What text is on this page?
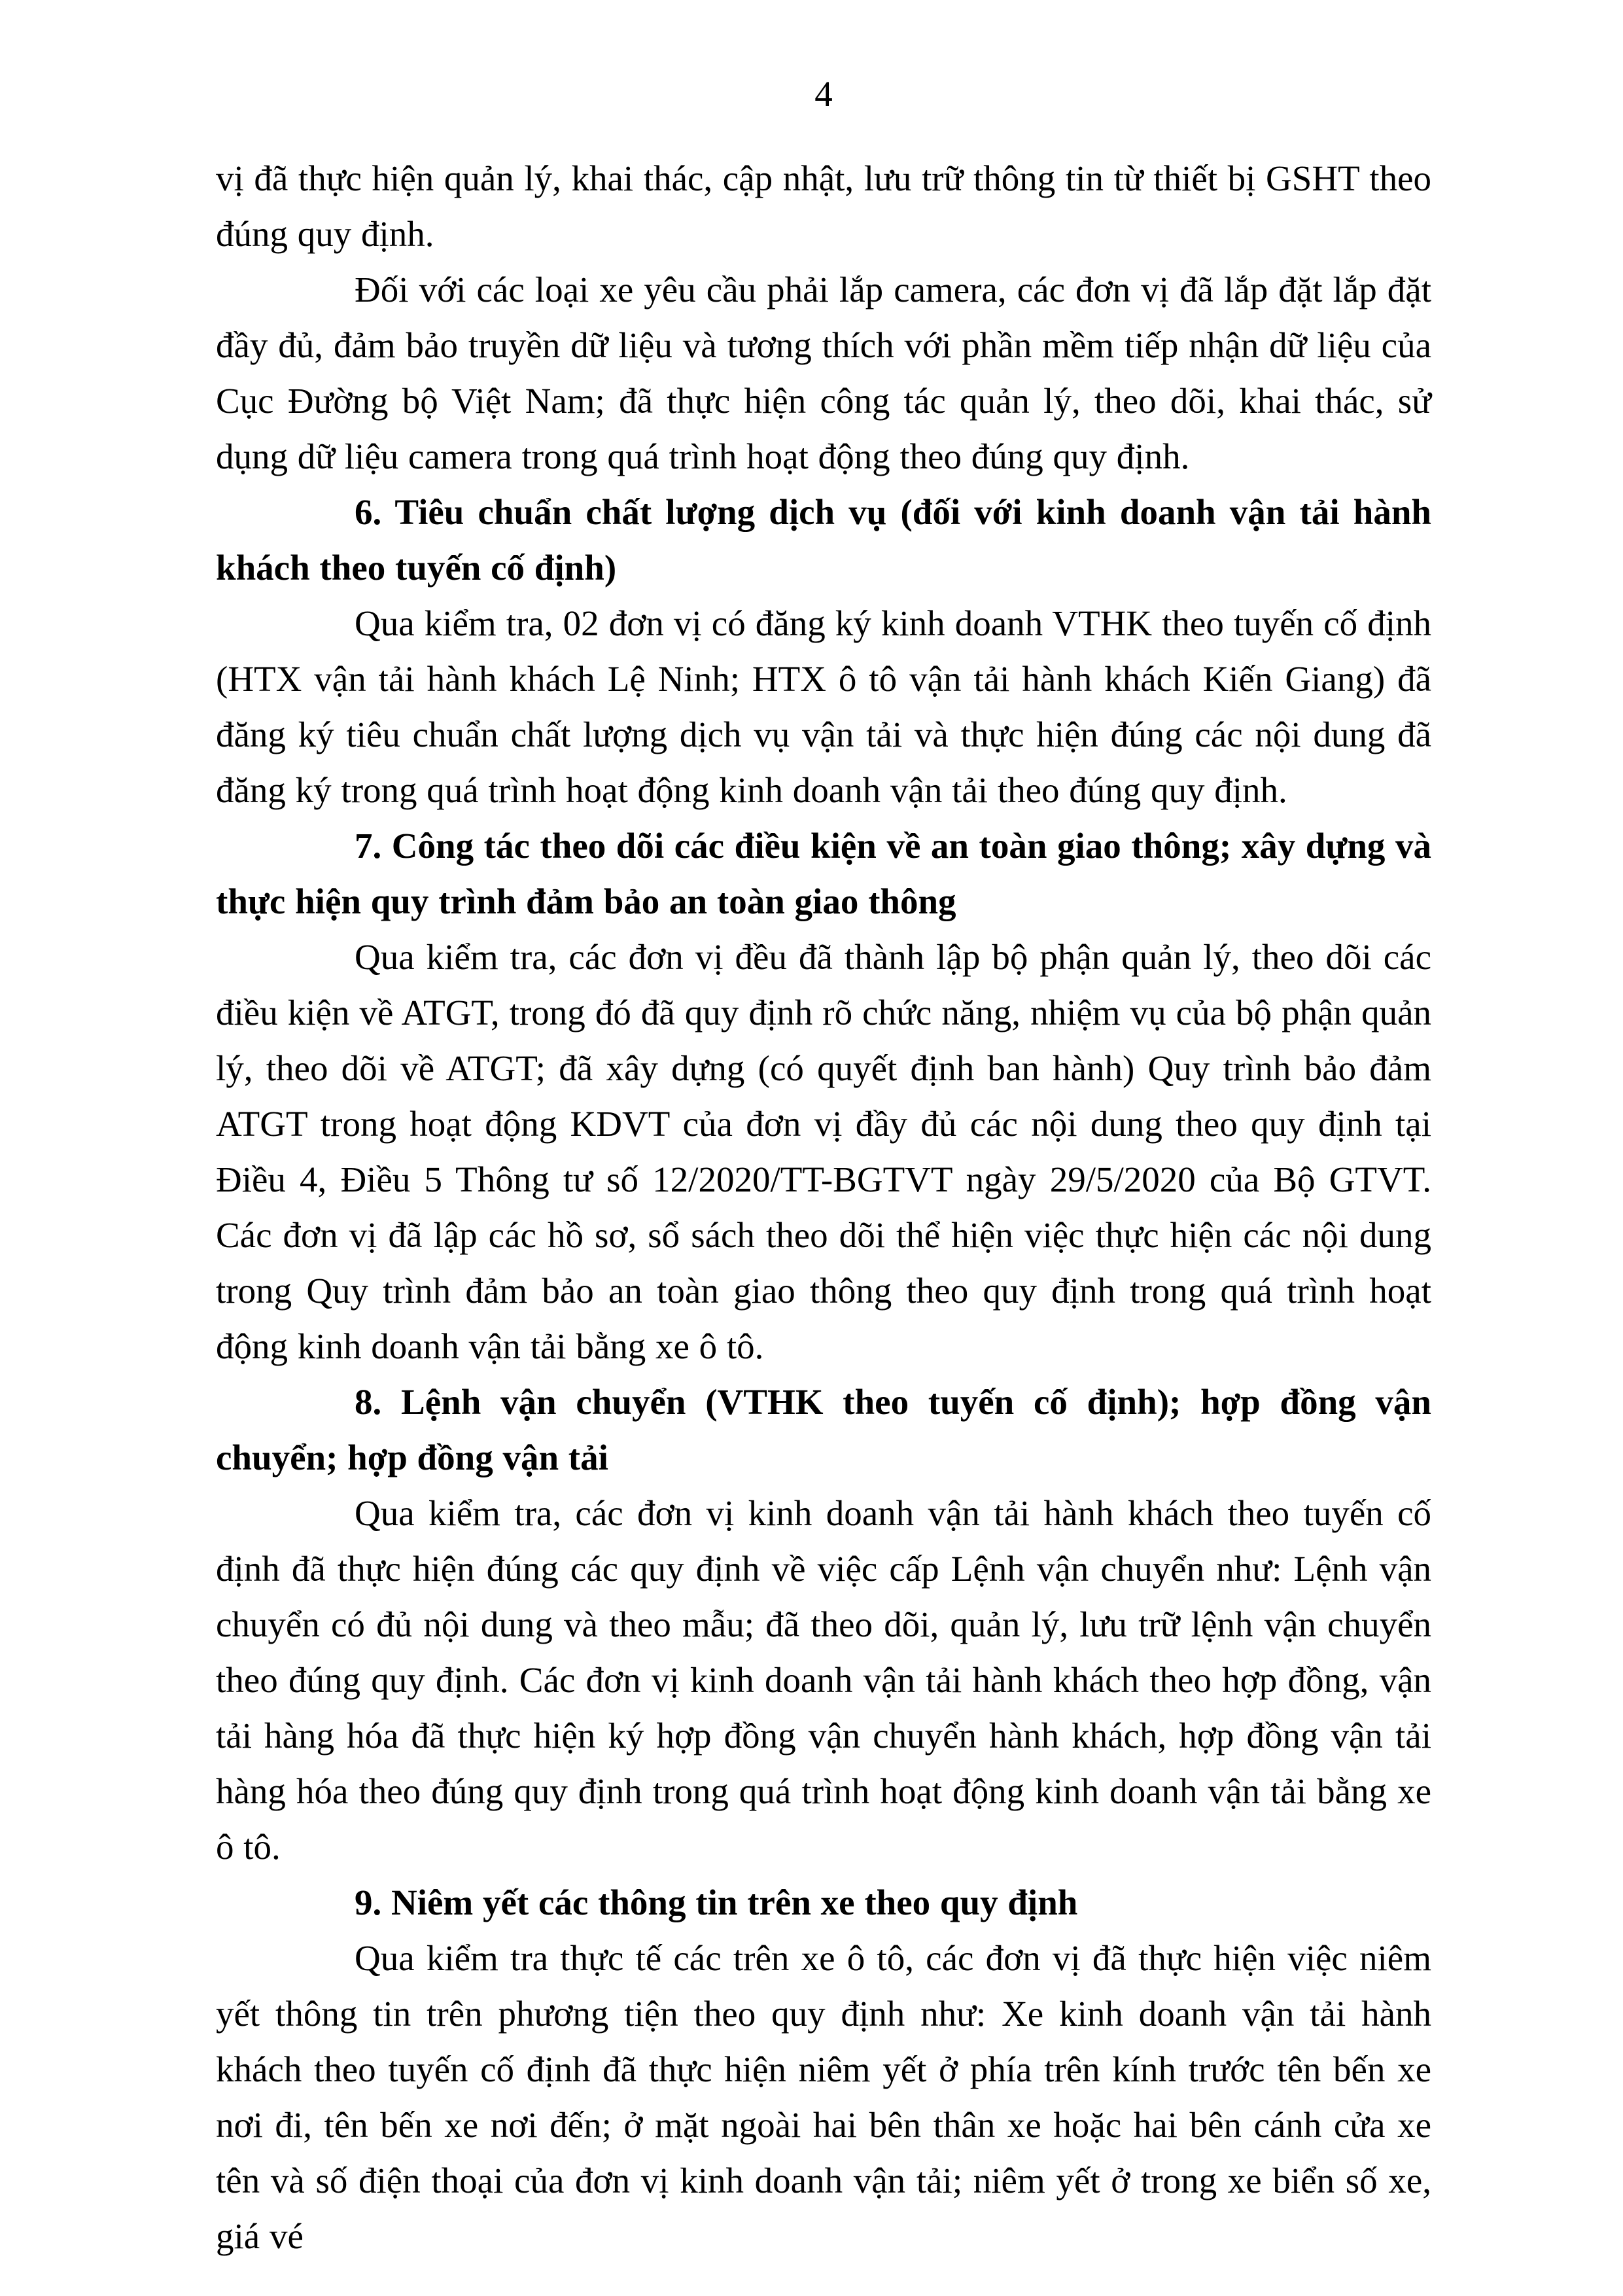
4

vị đã thực hiện quản lý, khai thác, cập nhật, lưu trữ thông tin từ thiết bị GSHT theo đúng quy định.

Đối với các loại xe yêu cầu phải lắp camera, các đơn vị đã lắp đặt lắp đặt đầy đủ, đảm bảo truyền dữ liệu và tương thích với phần mềm tiếp nhận dữ liệu của Cục Đường bộ Việt Nam; đã thực hiện công tác quản lý, theo dõi, khai thác, sử dụng dữ liệu camera trong quá trình hoạt động theo đúng quy định.

6. Tiêu chuẩn chất lượng dịch vụ (đối với kinh doanh vận tải hành khách theo tuyến cố định)

Qua kiểm tra, 02 đơn vị có đăng ký kinh doanh VTHK theo tuyến cố định (HTX vận tải hành khách Lệ Ninh; HTX ô tô vận tải hành khách Kiến Giang) đã đăng ký tiêu chuẩn chất lượng dịch vụ vận tải và thực hiện đúng các nội dung đã đăng ký trong quá trình hoạt động kinh doanh vận tải theo đúng quy định.

7. Công tác theo dõi các điều kiện về an toàn giao thông; xây dựng và thực hiện quy trình đảm bảo an toàn giao thông

Qua kiểm tra, các đơn vị đều đã thành lập bộ phận quản lý, theo dõi các điều kiện về ATGT, trong đó đã quy định rõ chức năng, nhiệm vụ của bộ phận quản lý, theo dõi về ATGT; đã xây dựng (có quyết định ban hành) Quy trình bảo đảm ATGT trong hoạt động KDVT của đơn vị đầy đủ các nội dung theo quy định tại Điều 4, Điều 5 Thông tư số 12/2020/TT-BGTVT ngày 29/5/2020 của Bộ GTVT. Các đơn vị đã lập các hồ sơ, sổ sách theo dõi thể hiện việc thực hiện các nội dung trong Quy trình đảm bảo an toàn giao thông theo quy định trong quá trình hoạt động kinh doanh vận tải bằng xe ô tô.

8. Lệnh vận chuyển (VTHK theo tuyến cố định); hợp đồng vận chuyển; hợp đồng vận tải

Qua kiểm tra, các đơn vị kinh doanh vận tải hành khách theo tuyến cố định đã thực hiện đúng các quy định về việc cấp Lệnh vận chuyển như: Lệnh vận chuyển có đủ nội dung và theo mẫu; đã theo dõi, quản lý, lưu trữ lệnh vận chuyển theo đúng quy định. Các đơn vị kinh doanh vận tải hành khách theo hợp đồng, vận tải hàng hóa đã thực hiện ký hợp đồng vận chuyển hành khách, hợp đồng vận tải hàng hóa theo đúng quy định trong quá trình hoạt động kinh doanh vận tải bằng xe ô tô.

9. Niêm yết các thông tin trên xe theo quy định

Qua kiểm tra thực tế các trên xe ô tô, các đơn vị đã thực hiện việc niêm yết thông tin trên phương tiện theo quy định như: Xe kinh doanh vận tải hành khách theo tuyến cố định đã thực hiện niêm yết ở phía trên kính trước tên bến xe nơi đi, tên bến xe nơi đến; ở mặt ngoài hai bên thân xe hoặc hai bên cánh cửa xe tên và số điện thoại của đơn vị kinh doanh vận tải; niêm yết ở trong xe biển số xe, giá vé
